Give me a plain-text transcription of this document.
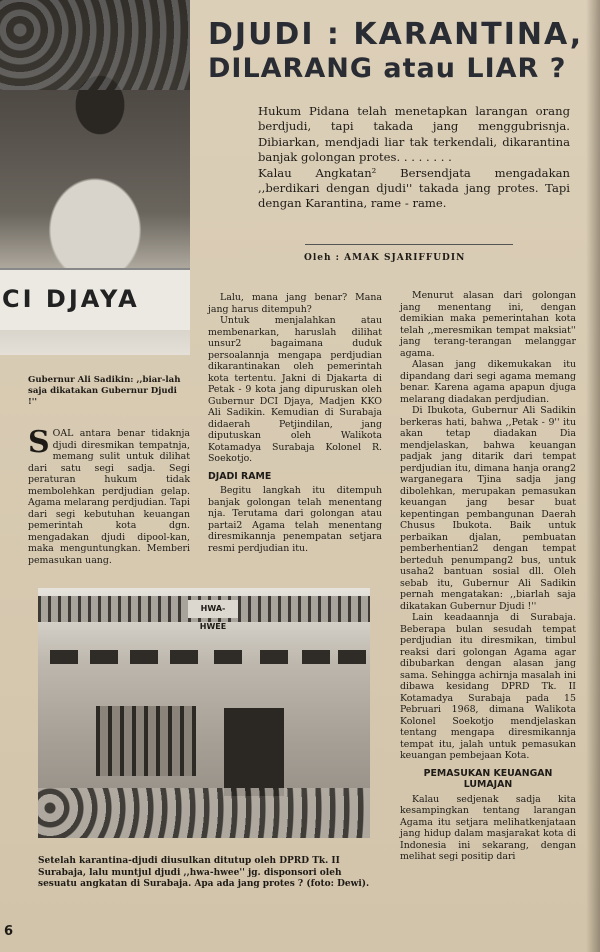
CI DJAYA
DJUDI : KARANTINA,
DILARANG atau LIAR ?

Hukum Pidana telah menetapkan larangan orang berdjudi, tapi takada jang menggubrisnja. Dibiarkan, mendjadi liar tak terkendali, dikarantina banjak golongan protes. . . . . . . .

Kalau Angkatan² Bersendjata mengadakan ,,berdikari dengan djudi'' takada jang protes. Tapi dengan Karantina, rame - rame.

Oleh : AMAK SJARIFFUDIN
Gubernur Ali Sadikin: ,,biar-lah saja dikatakan Gubernur Djudi !''
S OAL antara benar tidaknja djudi diresmikan tempatnja, memang sulit untuk dilihat dari satu segi sadja. Segi peraturan hukum tidak membolehkan perdjudian gelap. Agama melarang perdjudian. Tapi dari segi kebutuhan keuangan pemerintah kota dgn. mengadakan djudi dipool-kan, maka menguntungkan. Memberi pemasukan uang.

Lalu, mana jang benar? Mana jang harus ditempuh?

Untuk menjalahkan atau membenarkan, haruslah dilihat unsur2 bagaimana duduk persoalannja mengapa perdjudian dikarantinakan oleh pemerintah kota tertentu. Jakni di Djakarta di Petak - 9 kota jang dipuruskan oleh Gubernur DCI Djaya, Madjen KKO Ali Sadikin. Kemudian di Surabaja didaerah Petjindilan, jang diputuskan oleh Walikota Kotamadya Surabaja Kolonel R. Soekotjo.

DJADI RAME

Begitu langkah itu ditempuh banjak golongan telah menentang nja. Terutama dari golongan atau partai2 Agama telah menentang diresmikannja penempatan setjara resmi perdjudian itu.

Menurut alasan dari golongan jang menentang ini, dengan demikian maka pemerintahan kota telah ,,meresmikan tempat maksiat'' jang terang-terangan melanggar agama.

Alasan jang dikemukakan itu dipandang dari segi agama memang benar. Karena agama apapun djuga melarang diadakan perdjudian.

Di Ibukota, Gubernur Ali Sadikin berkeras hati, bahwa ,,Petak - 9'' itu akan tetap diadakan Dia mendjelaskan, bahwa keuangan padjak jang ditarik dari tempat perdjudian itu, dimana hanja orang2 warganegara Tjina sadja jang dibolehkan, merupakan pemasukan keuangan jang besar buat kepentingan pembangunan Daerah Chusus Ibukota. Baik untuk perbaikan djalan, pembuatan pemberhentian2 dengan tempat berteduh penumpang2 bus, untuk usaha2 bantuan sosial dll. Oleh sebab itu, Gubernur Ali Sadikin pernah mengatakan: ,,biarlah saja dikatakan Gubernur Djudi !''

Lain keadaannja di Surabaja. Beberapa bulan sesudah tempat perdjudian itu diresmikan, timbul reaksi dari golongan Agama agar dibubarkan dengan alasan jang sama. Sehingga achirnja masalah ini dibawa kesidang DPRD Tk. II Kotamadya Surabaja pada 15 Pebruari 1968, dimana Walikota Kolonel Soekotjo mendjelaskan tentang mengapa diresmikannja tempat itu, jalah untuk pemasukan keuangan pembejaan Kota.

PEMASUKAN KEUANGAN LUMAJAN

Kalau sedjenak sadja kita kesampingkan tentang larangan Agama itu setjara melihatkenjataan jang hidup dalam masjarakat kota di Indonesia ini sekarang, dengan melihat segi positip dari

HWA-HWEE
Setelah karantina-djudi diusulkan ditutup oleh DPRD Tk. II Surabaja, lalu muntjul djudi ,,hwa-hwee'' jg. disponsori oleh sesuatu angkatan di Surabaja. Apa ada jang protes ? (foto: Dewi).
6
